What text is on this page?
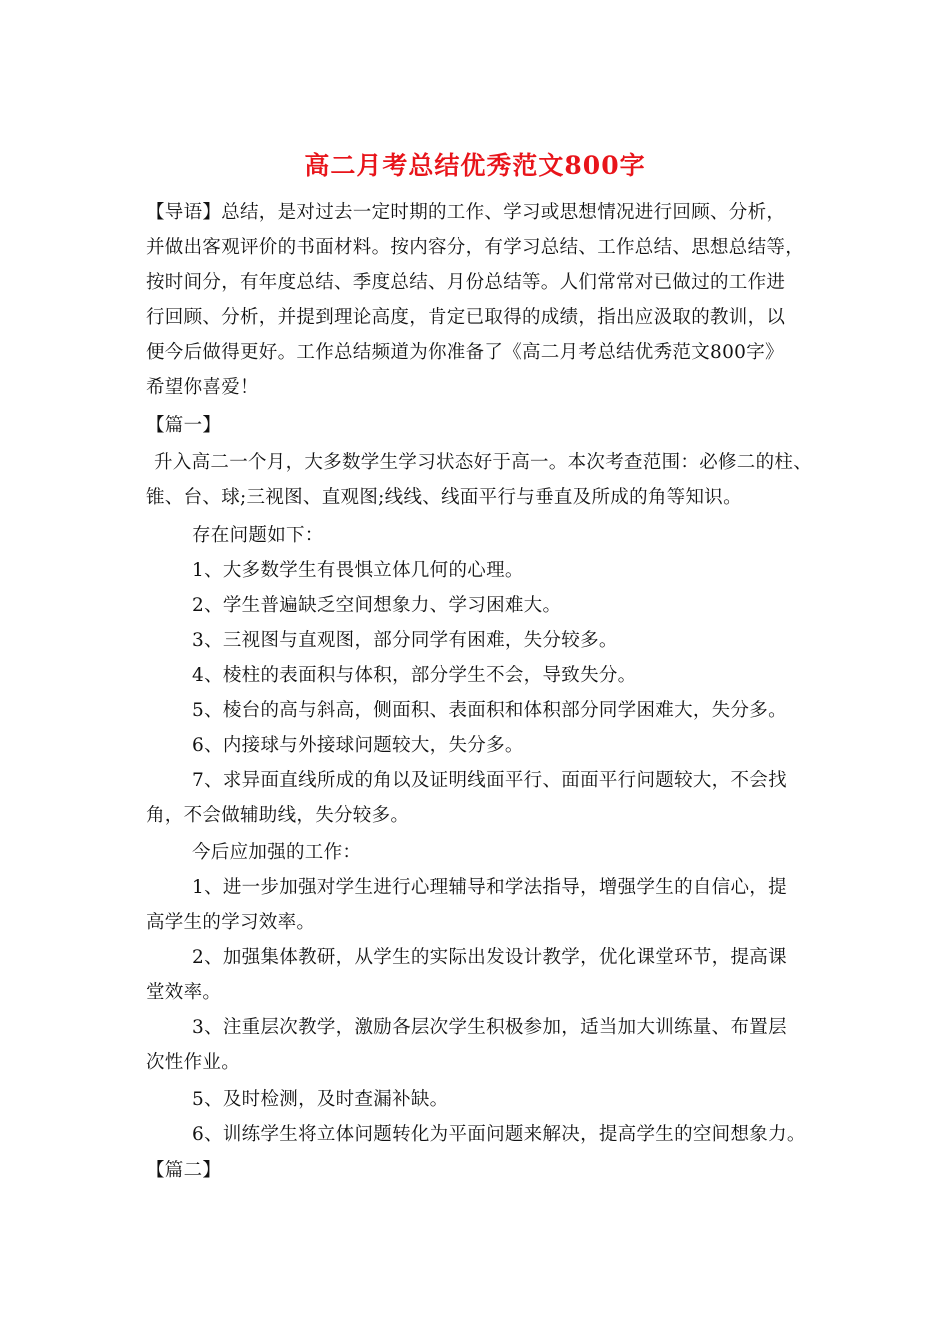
高二月考总结优秀范文800字
【导语】总结，是对过去一定时期的工作、学习或思想情况进行回顾、分析，
并做出客观评价的书面材料。按内容分，有学习总结、工作总结、思想总结等，
按时间分，有年度总结、季度总结、月份总结等。人们常常对已做过的工作进
行回顾、分析，并提到理论高度，肯定已取得的成绩，指出应汲取的教训，以
便今后做得更好。工作总结频道为你准备了《高二月考总结优秀范文800字》
希望你喜爱！
【篇一】
升入高二一个月，大多数学生学习状态好于高一。本次考查范围：必修二的柱、
锥、台、球;三视图、直观图;线线、线面平行与垂直及所成的角等知识。
存在问题如下：
1、大多数学生有畏惧立体几何的心理。
2、学生普遍缺乏空间想象力、学习困难大。
3、三视图与直观图，部分同学有困难，失分较多。
4、棱柱的表面积与体积，部分学生不会，导致失分。
5、棱台的高与斜高，侧面积、表面积和体积部分同学困难大，失分多。
6、内接球与外接球问题较大，失分多。
7、求异面直线所成的角以及证明线面平行、面面平行问题较大，不会找
角，不会做辅助线，失分较多。
今后应加强的工作：
1、进一步加强对学生进行心理辅导和学法指导，增强学生的自信心，提
高学生的学习效率。
2、加强集体教研，从学生的实际出发设计教学，优化课堂环节，提高课
堂效率。
3、注重层次教学，激励各层次学生积极参加，适当加大训练量、布置层
次性作业。
5、及时检测，及时查漏补缺。
6、训练学生将立体问题转化为平面问题来解决，提高学生的空间想象力。
【篇二】
